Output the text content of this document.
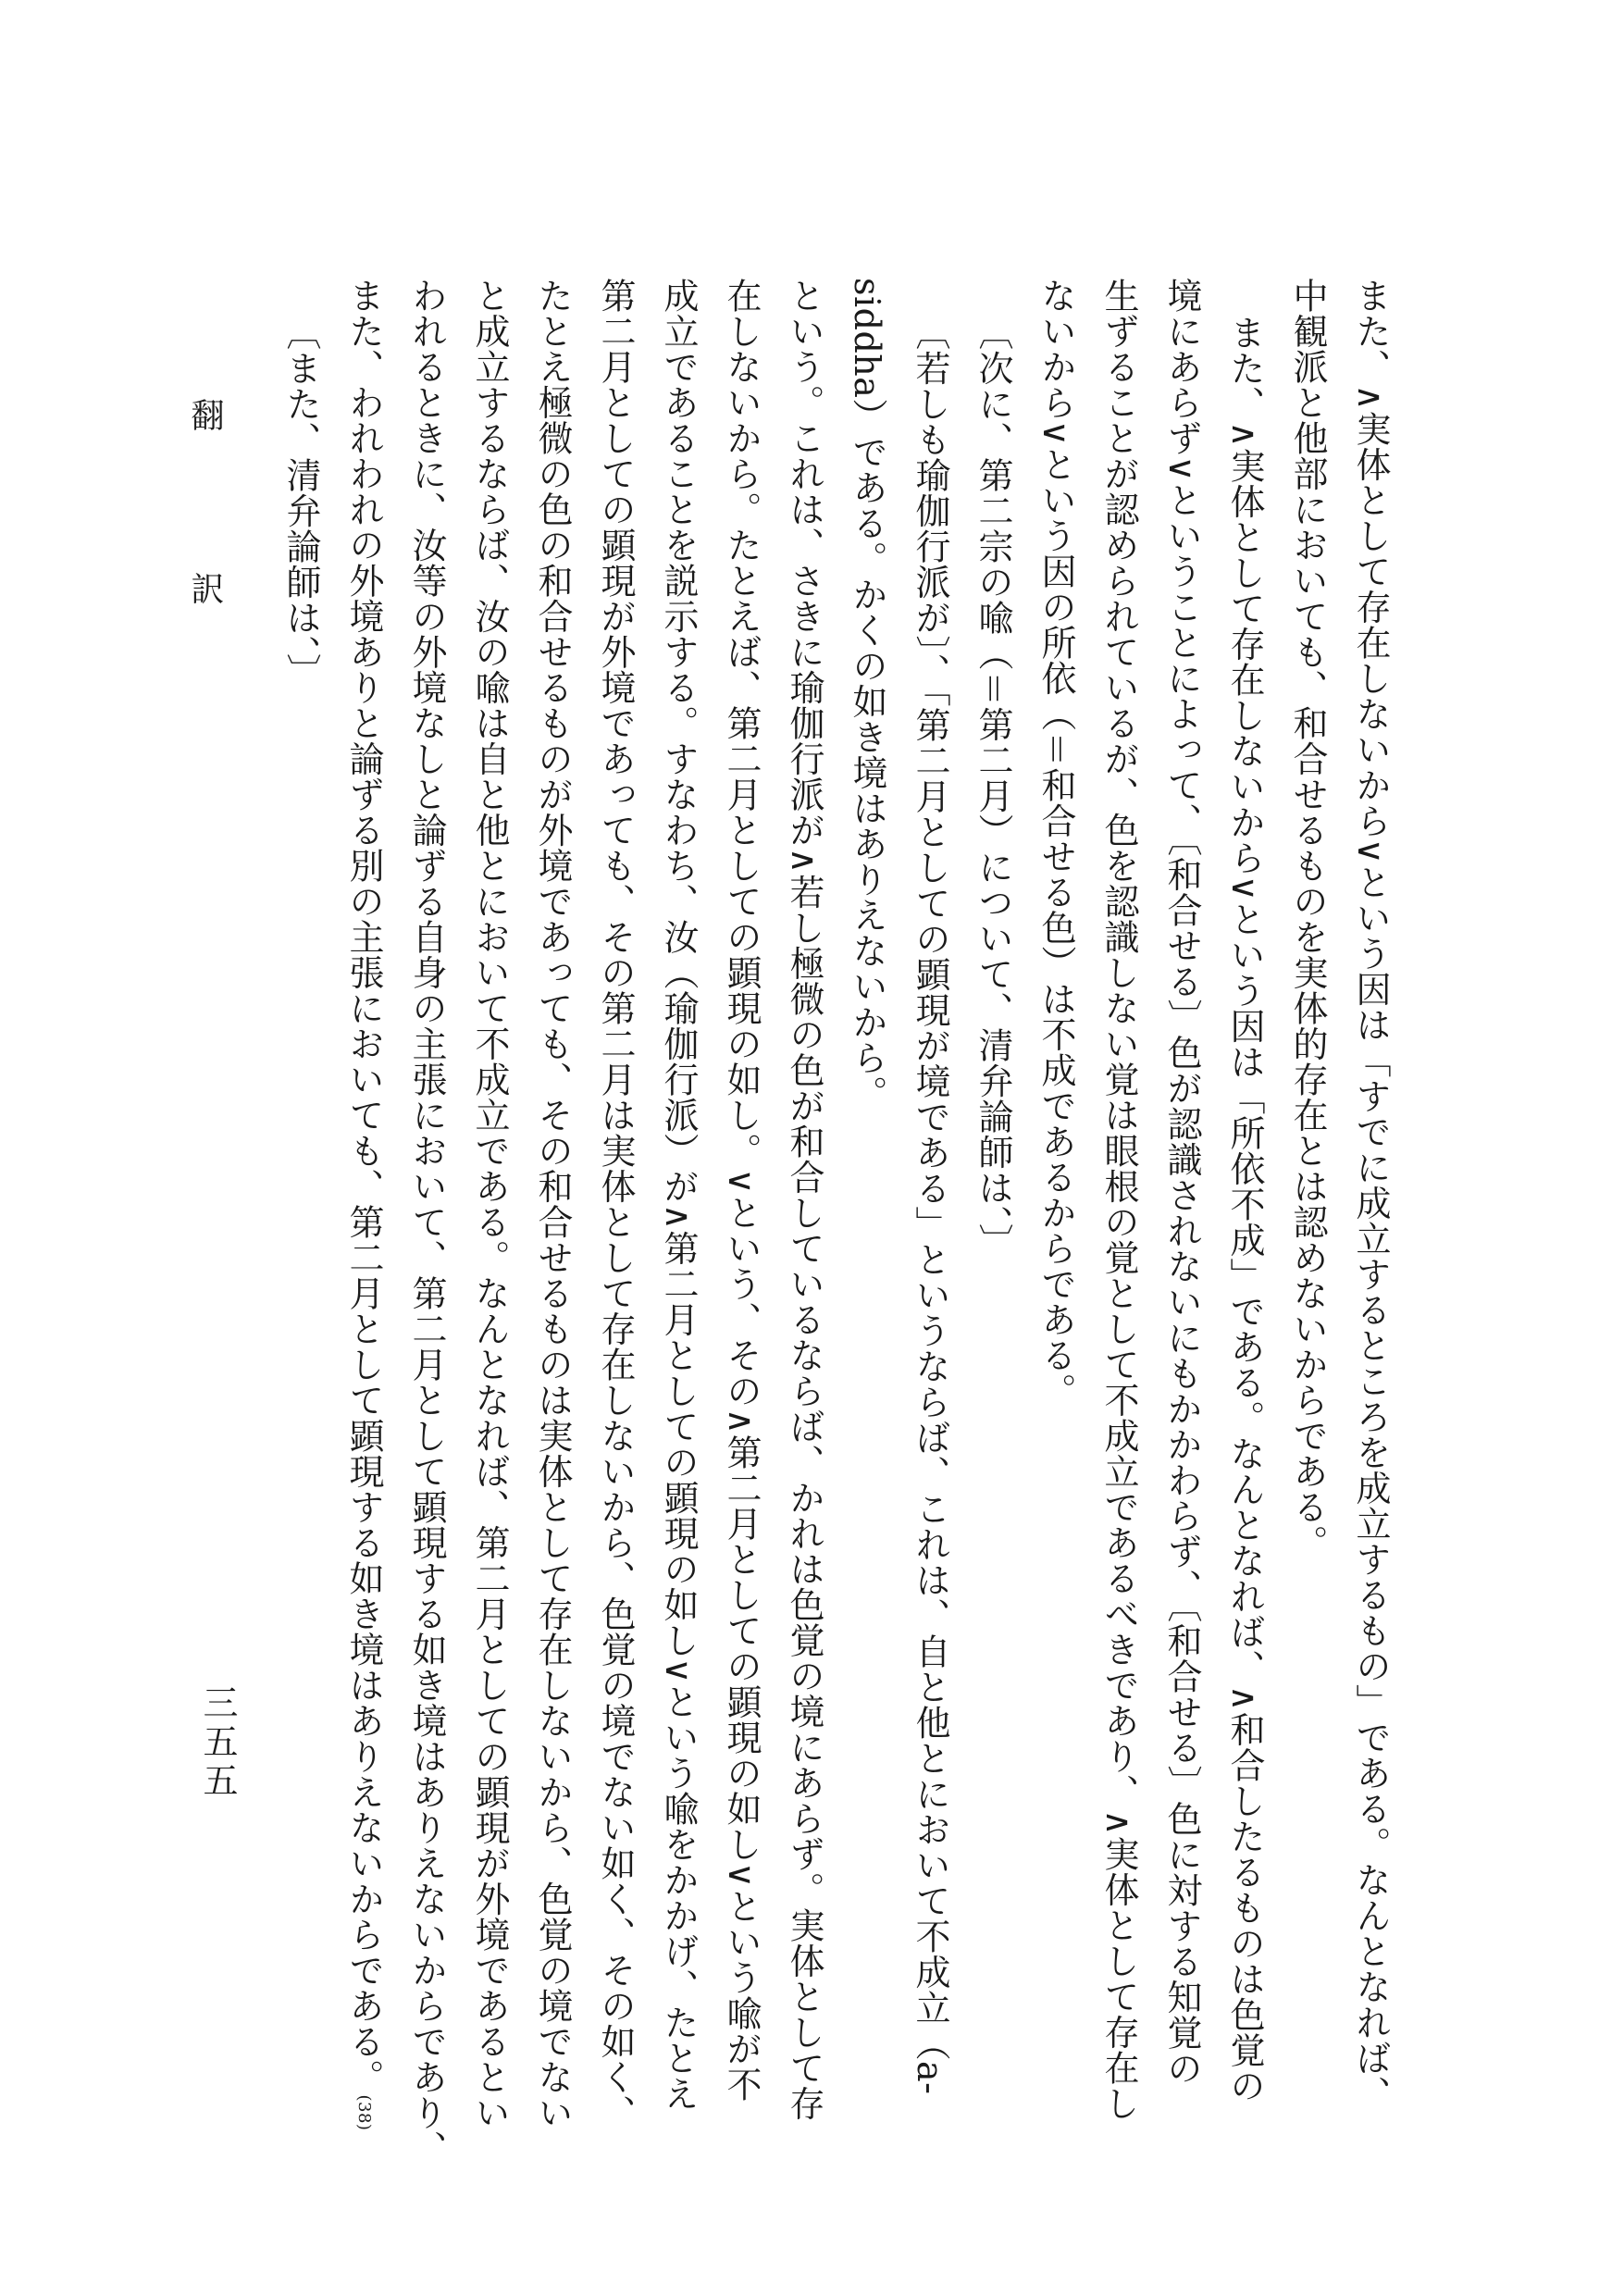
また、∧実体として存在しないから∨という因は「すでに成立するところを成立するもの」である。なんとなれば、
中観派と他部においても、和合せるものを実体的存在とは認めないからである。
また、∧実体として存在しないから∨という因は「所依不成」である。なんとなれば、∧和合したるものは色覚の
境にあらず∨ということによって、〔和合せる〕色が認識されないにもかかわらず、〔和合せる〕色に対する知覚の
生ずることが認められているが、色を認識しない覚は眼根の覚として不成立であるべきであり、∧実体として存在し
ないから∨という因の所依（＝和合せる色）は不成であるからである。
〔次に、第二宗の喩（＝第二月）について、清弁論師は、〕
〔若しも瑜伽行派が〕、「第二月としての顕現が境である」というならば、これは、自と他とにおいて不成立（a-
siddha）である。かくの如き境はありえないから。
という。これは、さきに瑜伽行派が∧若し極微の色が和合しているならば、かれは色覚の境にあらず。実体として存
在しないから。たとえば、第二月としての顕現の如し。∨という、その∧第二月としての顕現の如し∨という喩が不
成立であることを説示する。すなわち、汝（瑜伽行派）が∧第二月としての顕現の如し∨という喩をかかげ、たとえ
第二月としての顕現が外境であっても、その第二月は実体として存在しないから、色覚の境でない如く、その如く、
たとえ極微の色の和合せるものが外境であっても、その和合せるものは実体として存在しないから、色覚の境でない
と成立するならば、汝の喩は自と他とにおいて不成立である。なんとなれば、第二月としての顕現が外境であるとい
われるときに、汝等の外境なしと論ずる自身の主張において、第二月として顕現する如き境はありえないからであり、
また、われわれの外境ありと論ずる別の主張においても、第二月として顕現する如き境はありえないからである。(38)
〔また、清弁論師は、〕
翻 訳
三五五
